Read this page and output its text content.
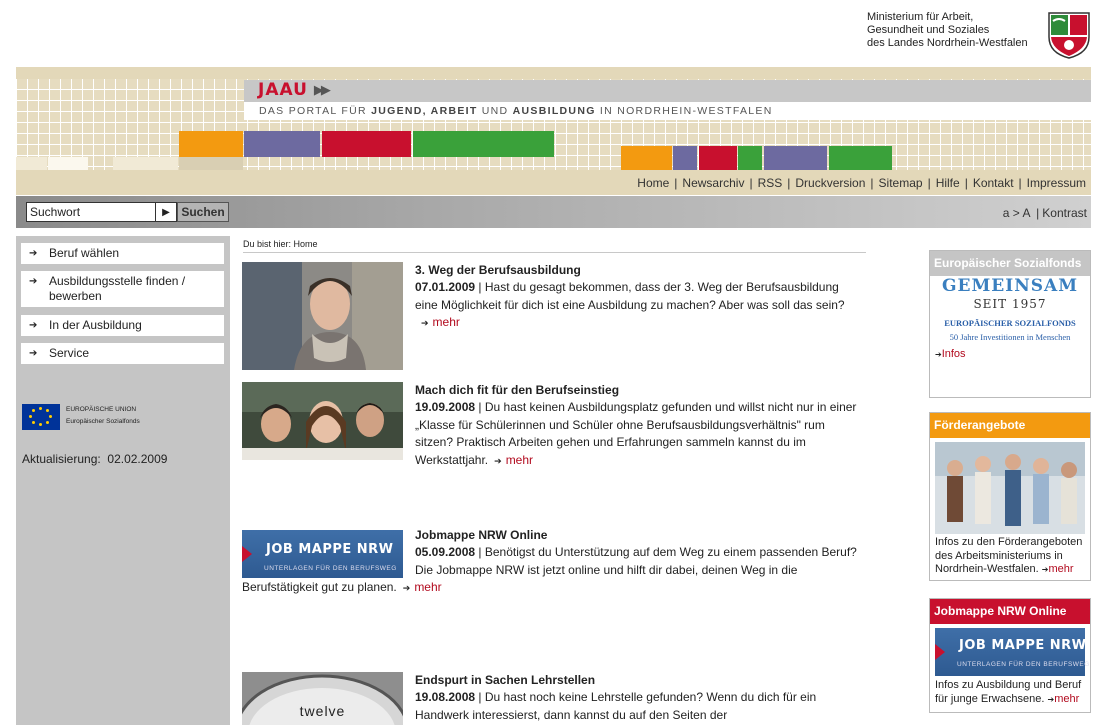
Ministerium für Arbeit,
Gesundheit und Soziales
des Landes Nordrhein-Westfalen
JAAU ▶▶
DAS PORTAL FÜR JUGEND, ARBEIT UND AUSBILDUNG IN NORDRHEIN-WESTFALEN
Home | Newsarchiv | RSS | Druckversion | Sitemap | Hilfe | Kontakt | Impressum
Suchwort	▶ Suchen	a > A | Kontrast
➔ Beruf wählen
➔ Ausbildungsstelle finden / bewerben
➔ In der Ausbildung
➔ Service
EUROPÄISCHE UNION
Europäischer Sozialfonds
Aktualisierung: 02.02.2009
Du bist hier: Home
3. Weg der Berufsausbildung
07.01.2009 | Hast du gesagt bekommen, dass der 3. Weg der Berufsausbildung eine Möglichkeit für dich ist eine Ausbildung zu machen? Aber was soll das sein?➔ mehr
Mach dich fit für den Berufseinstieg
19.09.2008 | Du hast keinen Ausbildungsplatz gefunden und willst nicht nur in einer „Klasse für Schülerinnen und Schüler ohne Berufsausbildungsverhältnis" rum sitzen? Praktisch Arbeiten gehen und Erfahrungen sammeln kannst du im Werkstattjahr. ➔ mehr
JOB MAPPE NRW
UNTERLAGEN FÜR DEN BERUFSWEG
Jobmappe NRW Online
05.09.2008 | Benötigst du Unterstützung auf dem Weg zu einem passenden Beruf? Die Jobmappe NRW ist jetzt online und hilft dir dabei, deinen Weg in die Berufstätigkeit gut zu planen. ➔ mehr
twelve
Endspurt in Sachen Lehrstellen
19.08.2008 | Du hast noch keine Lehrstelle gefunden? Wenn du dich für ein Handwerk interessierst, dann kannst du auf den Seiten der
Europäischer Sozialfonds
GEMEINSAM
SEIT 1957
EUROPÄISCHER SOZIALFONDS
50 Jahre Investitionen in Menschen
➔Infos
Förderangebote
Infos zu den Förderangeboten des Arbeitsministeriums in Nordrhein-Westfalen. ➔mehr
Jobmappe NRW Online
JOB MAPPE NRW
UNTERLAGEN FÜR DEN BERUFSWEG
Infos zu Ausbildung und Beruf für junge Erwachsene. ➔mehr
